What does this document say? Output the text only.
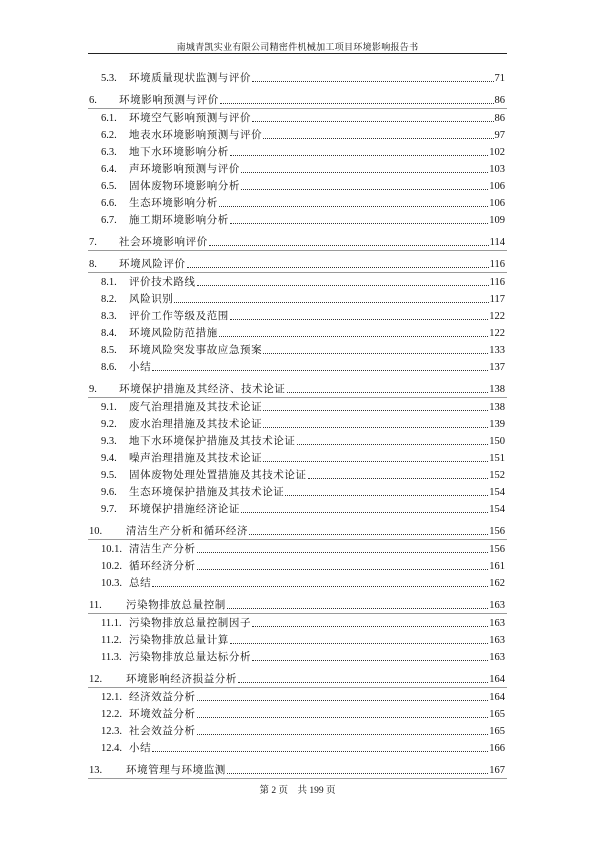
南城青凯实业有限公司精密件机械加工项目环境影响报告书
5.3.	环境质量现状监测与评价	71
6.	环境影响预测与评价	86
6.1.	环境空气影响预测与评价	86
6.2.	地表水环境影响预测与评价	97
6.3.	地下水环境影响分析	102
6.4.	声环境影响预测与评价	103
6.5.	固体废物环境影响分析	106
6.6.	生态环境影响分析	106
6.7.	施工期环境影响分析	109
7.	社会环境影响评价	114
8.	环境风险评价	116
8.1.	评价技术路线	116
8.2.	风险识别	117
8.3.	评价工作等级及范围	122
8.4.	环境风险防范措施	122
8.5.	环境风险突发事故应急预案	133
8.6.	小结	137
9.	环境保护措施及其经济、技术论证	138
9.1.	废气治理措施及其技术论证	138
9.2.	废水治理措施及其技术论证	139
9.3.	地下水环境保护措施及其技术论证	150
9.4.	噪声治理措施及其技术论证	151
9.5.	固体废物处理处置措施及其技术论证	152
9.6.	生态环境保护措施及其技术论证	154
9.7.	环境保护措施经济论证	154
10.	清洁生产分析和循环经济	156
10.1. 清洁生产分析	156
10.2. 循环经济分析	161
10.3. 总结	162
11.	污染物排放总量控制	163
11.1. 污染物排放总量控制因子	163
11.2. 污染物排放总量计算	163
11.3. 污染物排放总量达标分析	163
12.	环境影响经济损益分析	164
12.1. 经济效益分析	164
12.2. 环境效益分析	165
12.3. 社会效益分析	165
12.4. 小结	166
13.	环境管理与环境监测	167
第 2 页　共 199 页
